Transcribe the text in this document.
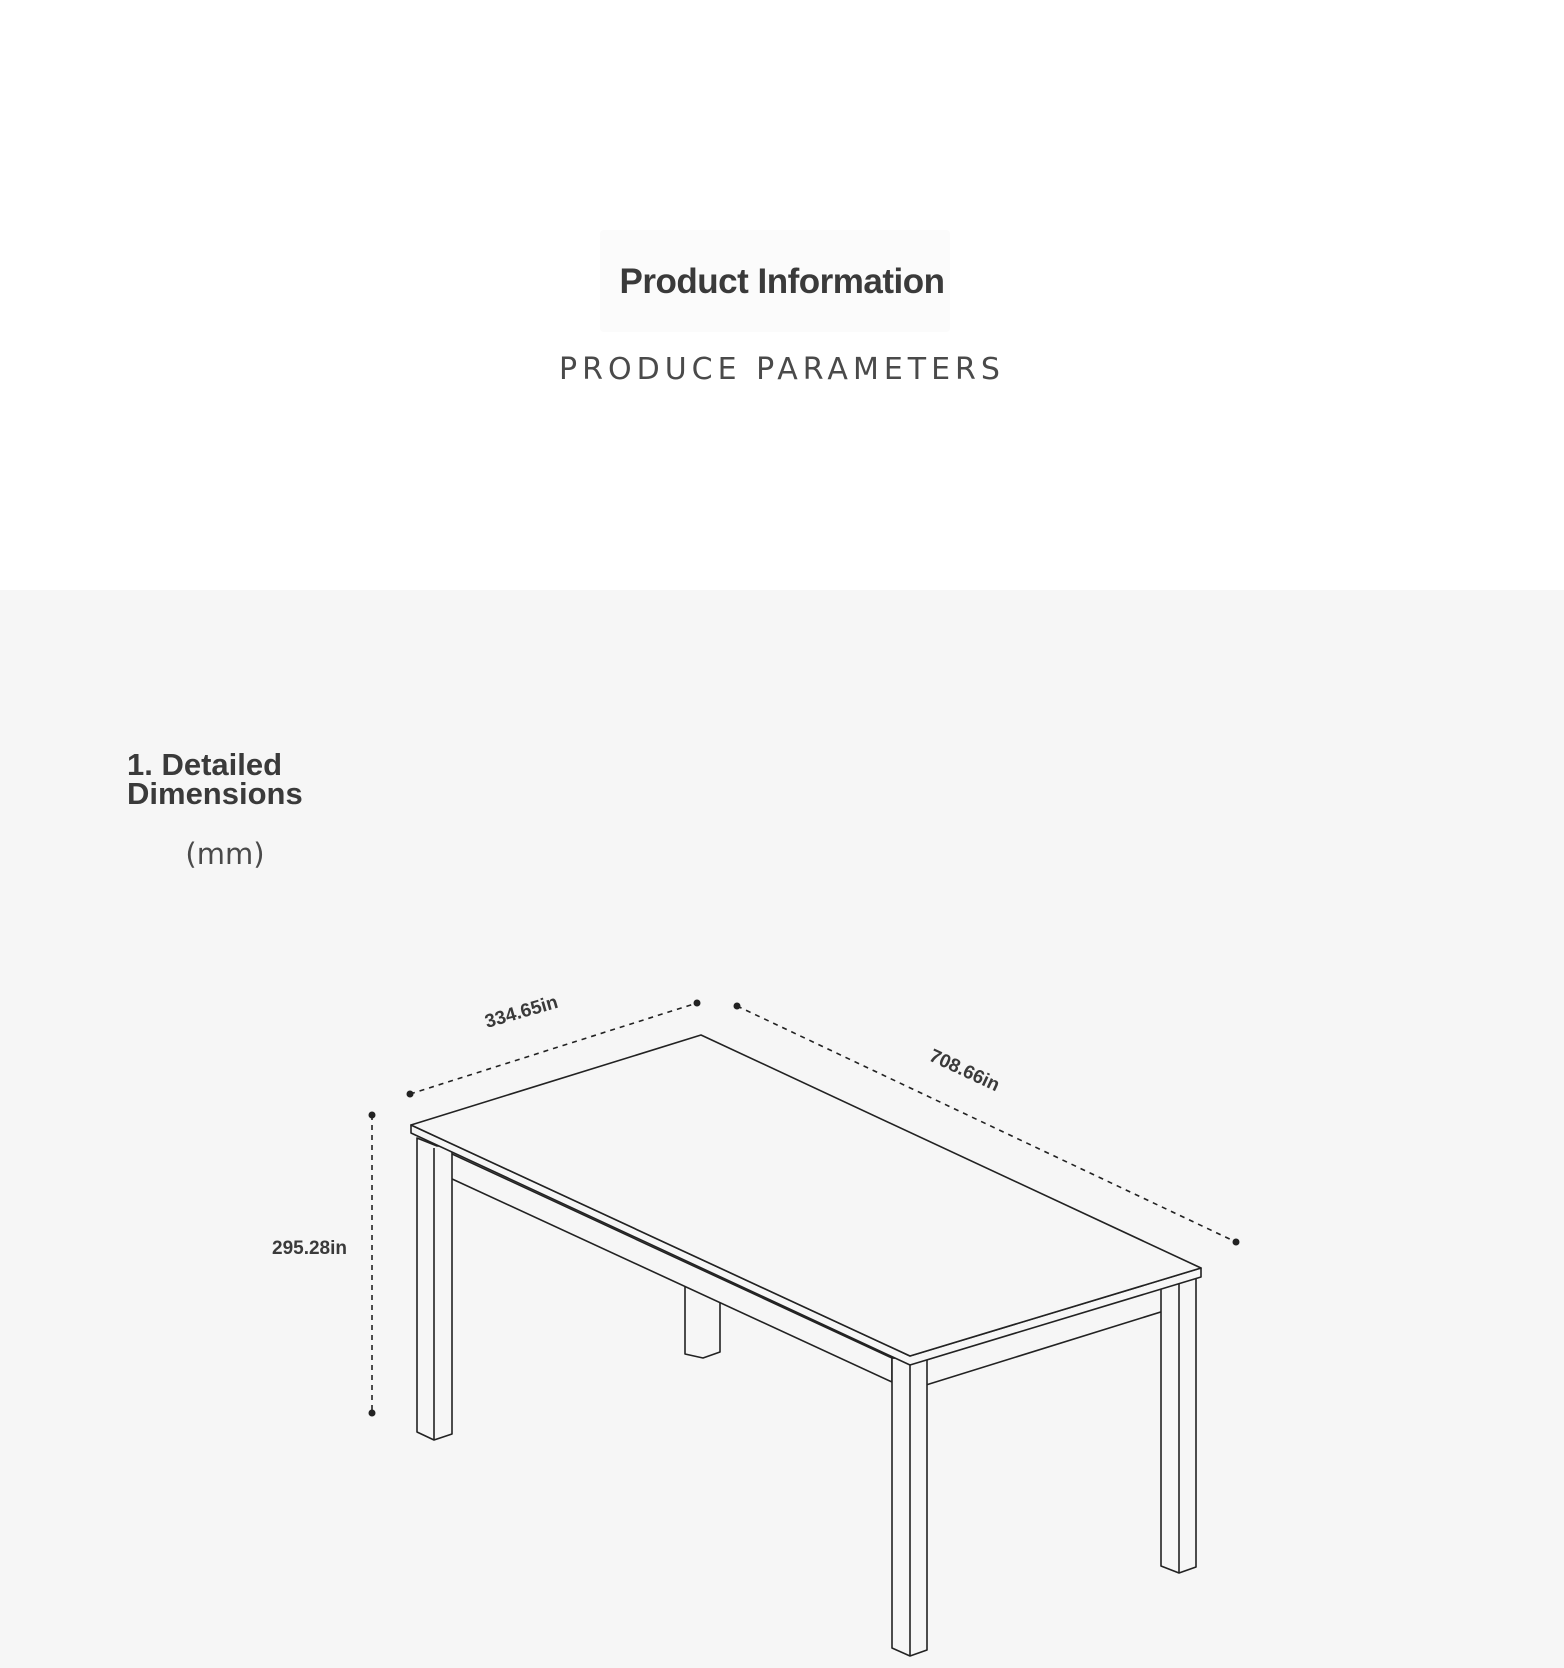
Product Information
PRODUCE PARAMETERS
1. Detailed
Dimensions
(mm)
334.65in
708.66in
295.28in
